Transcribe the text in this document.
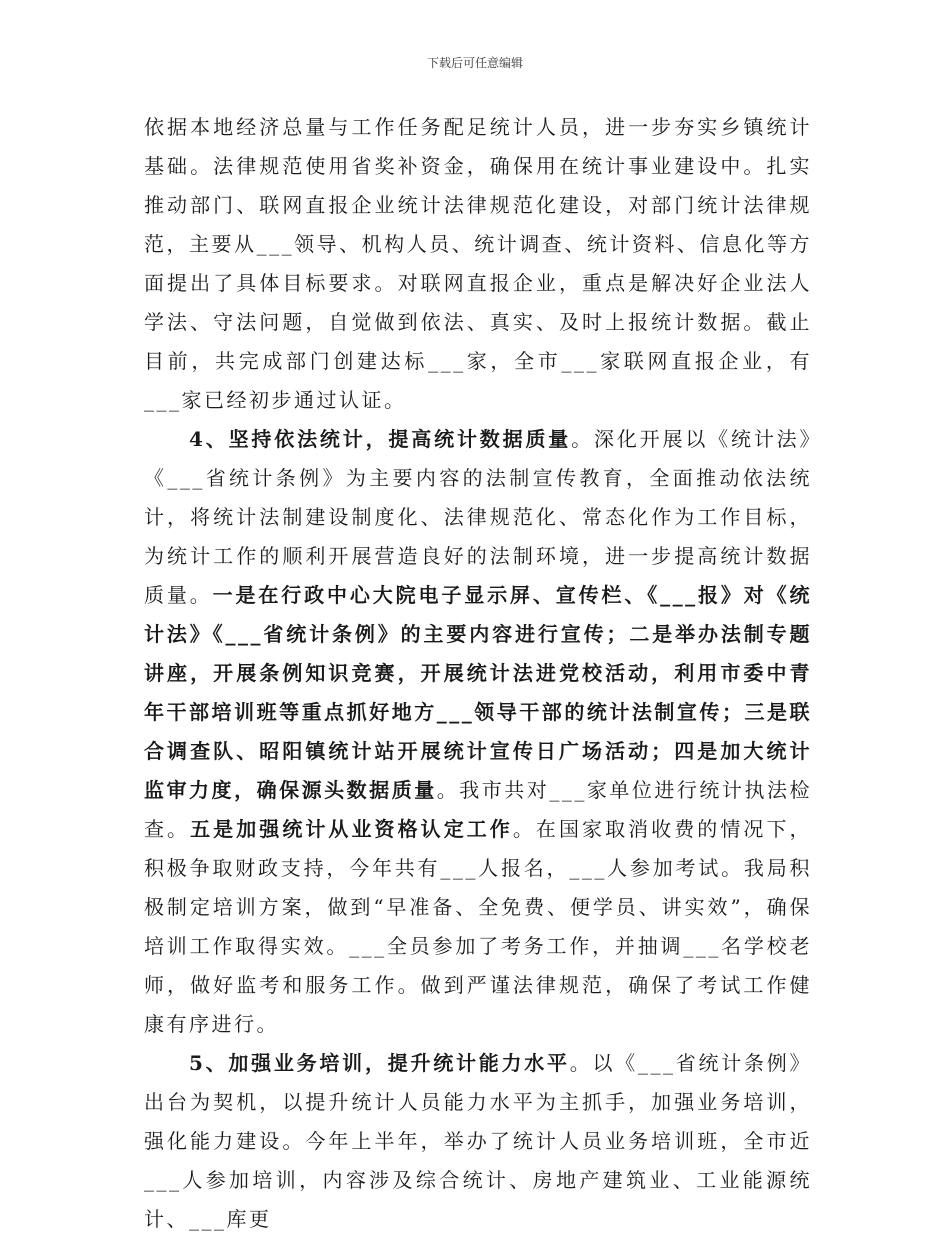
下载后可任意编辑

依据本地经济总量与工作任务配足统计人员，进一步夯实乡镇统计基础。法律规范使用省奖补资金，确保用在统计事业建设中。扎实推动部门、联网直报企业统计法律规范化建设，对部门统计法律规范，主要从___领导、机构人员、统计调查、统计资料、信息化等方面提出了具体目标要求。对联网直报企业，重点是解决好企业法人学法、守法问题，自觉做到依法、真实、及时上报统计数据。截止目前，共完成部门创建达标___家，全市___家联网直报企业，有___家已经初步通过认证。

4、坚持依法统计，提高统计数据质量。深化开展以《统计法》《___省统计条例》为主要内容的法制宣传教育，全面推动依法统计，将统计法制建设制度化、法律规范化、常态化作为工作目标，为统计工作的顺利开展营造良好的法制环境，进一步提高统计数据质量。一是在行政中心大院电子显示屏、宣传栏、《___报》对《统计法》《___省统计条例》的主要内容进行宣传；二是举办法制专题讲座，开展条例知识竞赛，开展统计法进党校活动，利用市委中青年干部培训班等重点抓好地方___领导干部的统计法制宣传；三是联合调查队、昭阳镇统计站开展统计宣传日广场活动；四是加大统计监审力度，确保源头数据质量。我市共对___家单位进行统计执法检查。五是加强统计从业资格认定工作。在国家取消收费的情况下，积极争取财政支持，今年共有___人报名，___人参加考试。我局积极制定培训方案，做到“早准备、全免费、便学员、讲实效”，确保培训工作取得实效。___全员参加了考务工作，并抽调___名学校老师，做好监考和服务工作。做到严谨法律规范，确保了考试工作健康有序进行。

5、加强业务培训，提升统计能力水平。以《___省统计条例》出台为契机，以提升统计人员能力水平为主抓手，加强业务培训，强化能力建设。今年上半年，举办了统计人员业务培训班，全市近___人参加培训，内容涉及综合统计、房地产建筑业、工业能源统计、___库更
